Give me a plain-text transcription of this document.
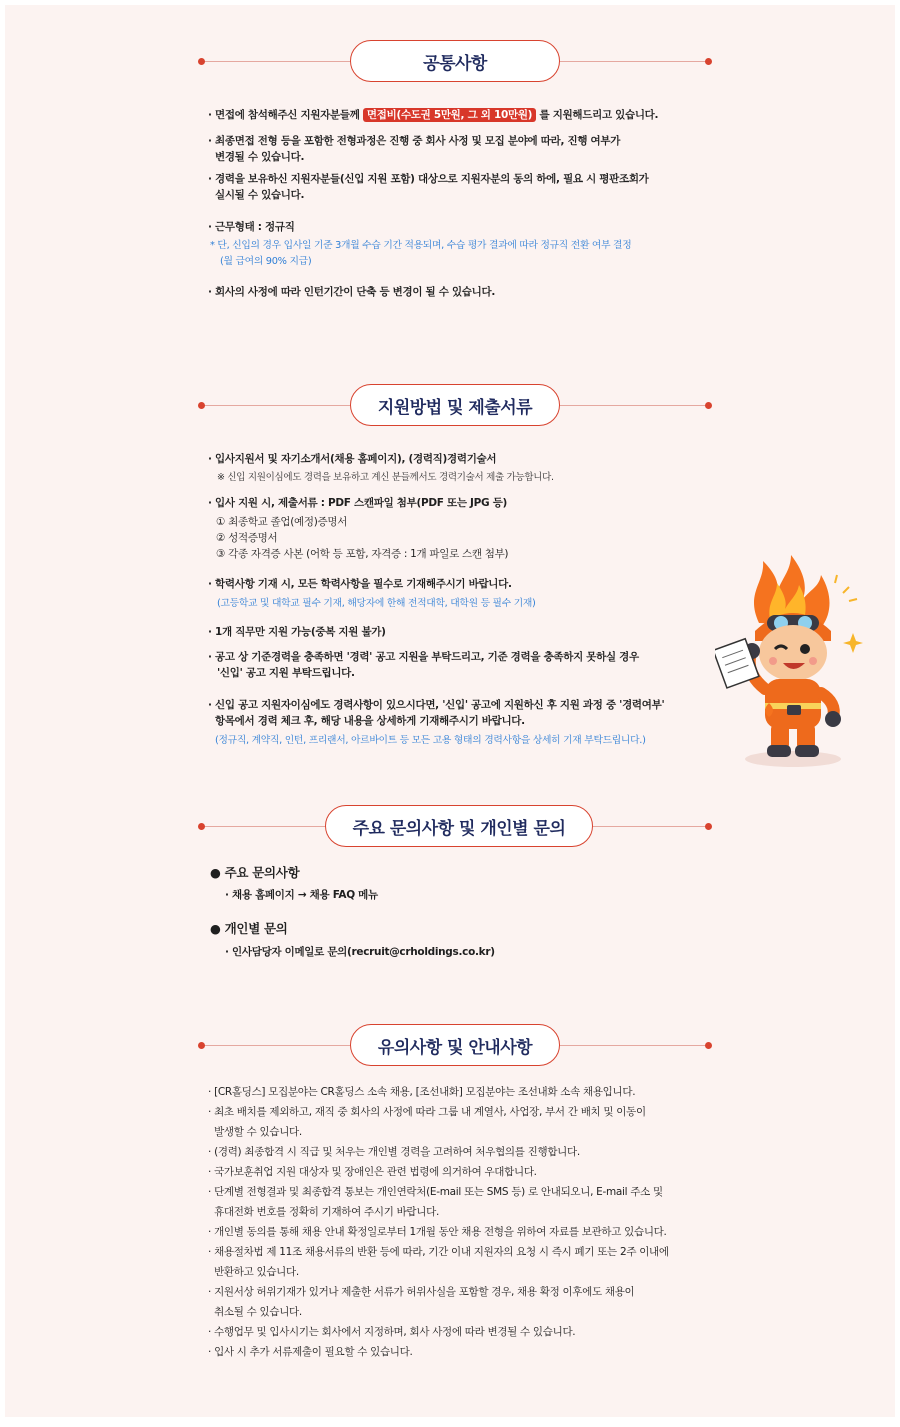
공통사항
· 면접에 참석해주신 지원자분들께 면접비(수도권 5만원, 그 외 10만원) 를 지원해드리고 있습니다.
· 최종면접 전형 등을 포함한 전형과정은 진행 중 회사 사정 및 모집 분야에 따라, 진행 여부가
변경될 수 있습니다.
· 경력을 보유하신 지원자분들(신입 지원 포함) 대상으로 지원자분의 동의 하에, 필요 시 평판조회가
실시될 수 있습니다.
· 근무형태 : 정규직
* 단, 신입의 경우 입사일 기준 3개월 수습 기간 적용되며, 수습 평가 결과에 따라 정규직 전환 여부 결정
(월 급여의 90% 지급)
· 회사의 사정에 따라 인턴기간이 단축 등 변경이 될 수 있습니다.
지원방법 및 제출서류
· 입사지원서 및 자기소개서(채용 홈페이지), (경력직)경력기술서
※ 신입 지원이심에도 경력을 보유하고 계신 분들께서도 경력기술서 제출 가능합니다.
· 입사 지원 시, 제출서류 : PDF 스캔파일 첨부(PDF 또는 JPG 등)
① 최종학교 졸업(예정)증명서
② 성적증명서
③ 각종 자격증 사본 (어학 등 포함, 자격증 : 1개 파일로 스캔 첨부)
· 학력사항 기재 시, 모든 학력사항을 필수로 기재해주시기 바랍니다.
(고등학교 및 대학교 필수 기재, 해당자에 한해 전적대학, 대학원 등 필수 기재)
· 1개 직무만 지원 가능(중복 지원 불가)
· 공고 상 기준경력을 충족하면 '경력' 공고 지원을 부탁드리고, 기준 경력을 충족하지 못하실 경우
'신입' 공고 지원 부탁드립니다.
· 신입 공고 지원자이심에도 경력사항이 있으시다면, '신입' 공고에 지원하신 후 지원 과정 중 '경력여부'
항목에서 경력 체크 후, 해당 내용을 상세하게 기재해주시기 바랍니다.
(정규직, 계약직, 인턴, 프리랜서, 아르바이트 등 모든 고용 형태의 경력사항을 상세히 기재 부탁드립니다.)
주요 문의사항 및 개인별 문의
● 주요 문의사항
· 채용 홈페이지 → 채용 FAQ 메뉴
● 개인별 문의
· 인사담당자 이메일로 문의(recruit@crholdings.co.kr)
유의사항 및 안내사항
· [CR홀딩스] 모집분야는 CR홀딩스 소속 채용, [조선내화] 모집분야는 조선내화 소속 채용입니다.
· 최초 배치를 제외하고, 재직 중 회사의 사정에 따라 그룹 내 계열사, 사업장, 부서 간 배치 및 이동이
발생할 수 있습니다.
· (경력) 최종합격 시 직급 및 처우는 개인별 경력을 고려하여 처우협의를 진행합니다.
· 국가보훈취업 지원 대상자 및 장애인은 관련 법령에 의거하여 우대합니다.
· 단계별 전형결과 및 최종합격 통보는 개인연락처(E-mail 또는 SMS 등) 로 안내되오니, E-mail 주소 및
휴대전화 번호를 정확히 기재하여 주시기 바랍니다.
· 개인별 동의를 통해 채용 안내 확정일로부터 1개월 동안 채용 전형을 위하여 자료를 보관하고 있습니다.
· 채용절차법 제 11조 채용서류의 반환 등에 따라, 기간 이내 지원자의 요청 시 즉시 폐기 또는 2주 이내에
반환하고 있습니다.
· 지원서상 허위기재가 있거나 제출한 서류가 허위사실을 포함할 경우, 채용 확정 이후에도 채용이
취소될 수 있습니다.
· 수행업무 및 입사시기는 회사에서 지정하며, 회사 사정에 따라 변경될 수 있습니다.
· 입사 시 추가 서류제출이 필요할 수 있습니다.
